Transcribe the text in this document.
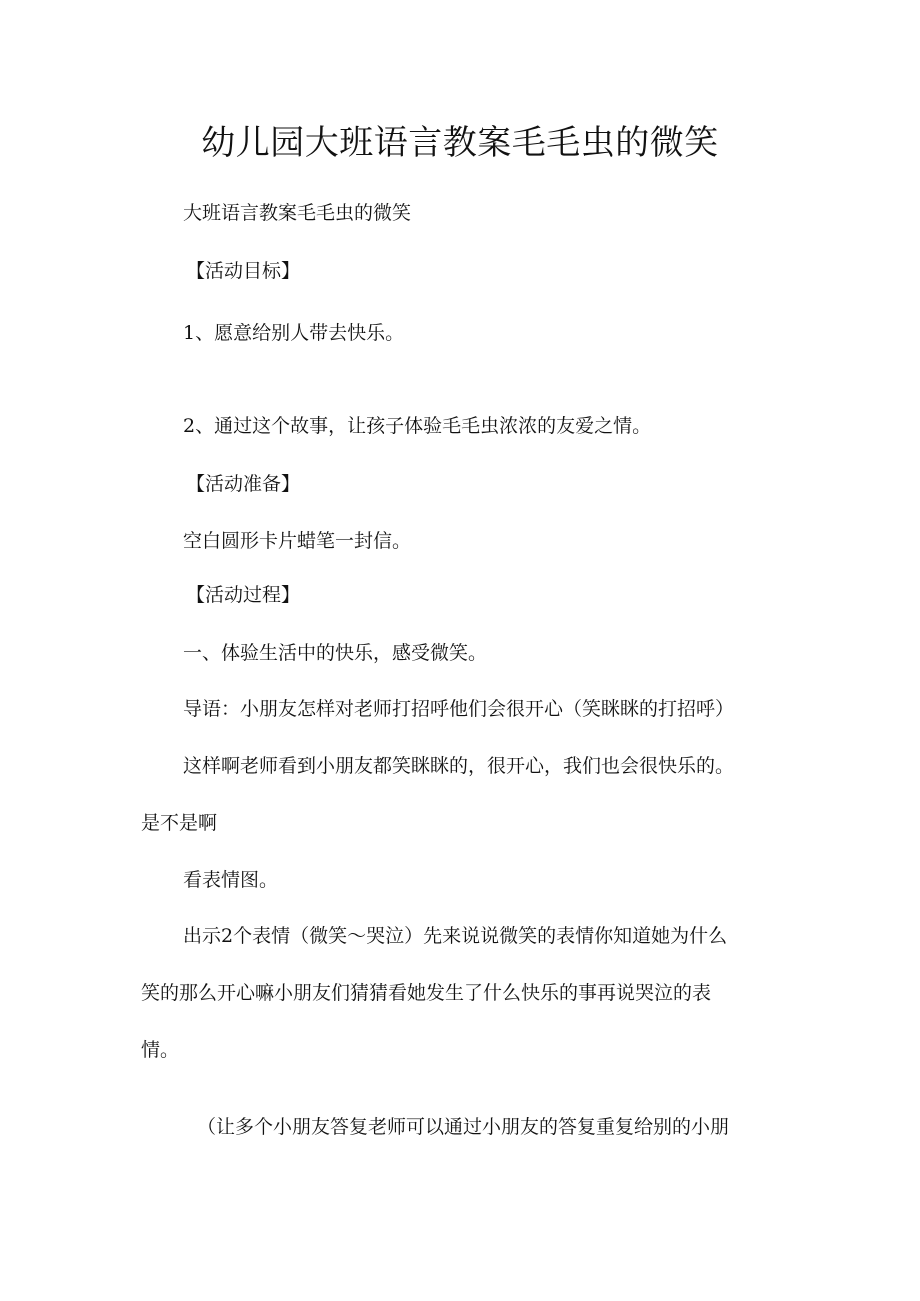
幼儿园大班语言教案毛毛虫的微笑
大班语言教案毛毛虫的微笑
【活动目标】
1、愿意给别人带去快乐。
2、通过这个故事，让孩子体验毛毛虫浓浓的友爱之情。
【活动准备】
空白圆形卡片蜡笔一封信。
【活动过程】
一、体验生活中的快乐，感受微笑。
导语：小朋友怎样对老师打招呼他们会很开心（笑眯眯的打招呼）
这样啊老师看到小朋友都笑眯眯的，很开心，我们也会很快乐的。
是不是啊
看表情图。
出示2个表情（微笑～哭泣）先来说说微笑的表情你知道她为什么
笑的那么开心嘛小朋友们猜猜看她发生了什么快乐的事再说哭泣的表
情。
（让多个小朋友答复老师可以通过小朋友的答复重复给别的小朋
